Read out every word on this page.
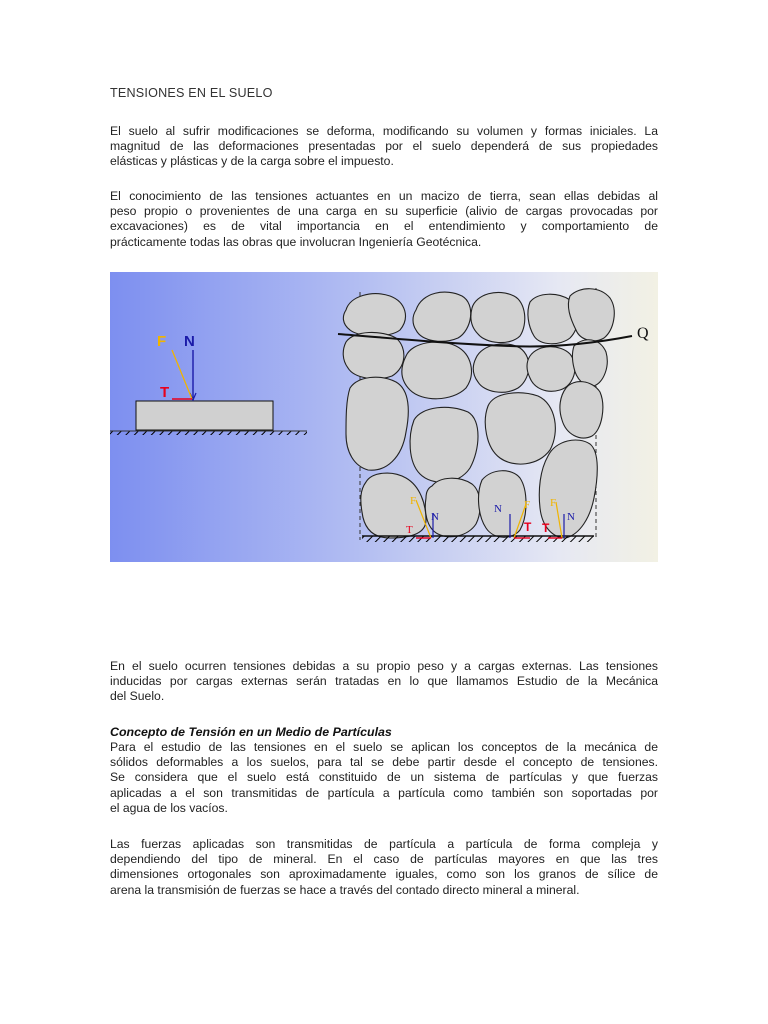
TENSIONES EN EL SUELO

El suelo al sufrir modificaciones se deforma, modificando su volumen y formas iniciales. La
magnitud de las deformaciones presentadas por el suelo dependerá de sus propiedades
elásticas y plásticas y de la carga sobre el impuesto.

El conocimiento de las tensiones actuantes en un macizo de tierra, sean ellas debidas al
peso propio o provenientes de una carga en su superficie (alivio de cargas provocadas por
excavaciones) es de vital importancia en el entendimiento y comportamiento de
prácticamente todas las obras que involucran Ingeniería Geotécnica.

F N
T
Q
F
N
T
N F
T
F
N
T

En el suelo ocurren tensiones debidas a su propio peso y a cargas externas. Las tensiones
inducidas por cargas externas serán tratadas en lo que llamamos Estudio de la Mecánica
del Suelo.

Concepto de Tensión en un Medio de Partículas

Para el estudio de las tensiones en el suelo se aplican los conceptos de la mecánica de
sólidos deformables a los suelos, para tal se debe partir desde el concepto de tensiones.
Se considera que el suelo está constituido de un sistema de partículas y que fuerzas
aplicadas a el son transmitidas de partícula a partícula como también son soportadas por
el agua de los vacíos.

Las fuerzas aplicadas son transmitidas de partícula a partícula de forma compleja y
dependiendo del tipo de mineral. En el caso de partículas mayores en que las tres
dimensiones ortogonales son aproximadamente iguales, como son los granos de sílice de
arena la transmisión de fuerzas se hace a través del contado directo mineral a mineral.
